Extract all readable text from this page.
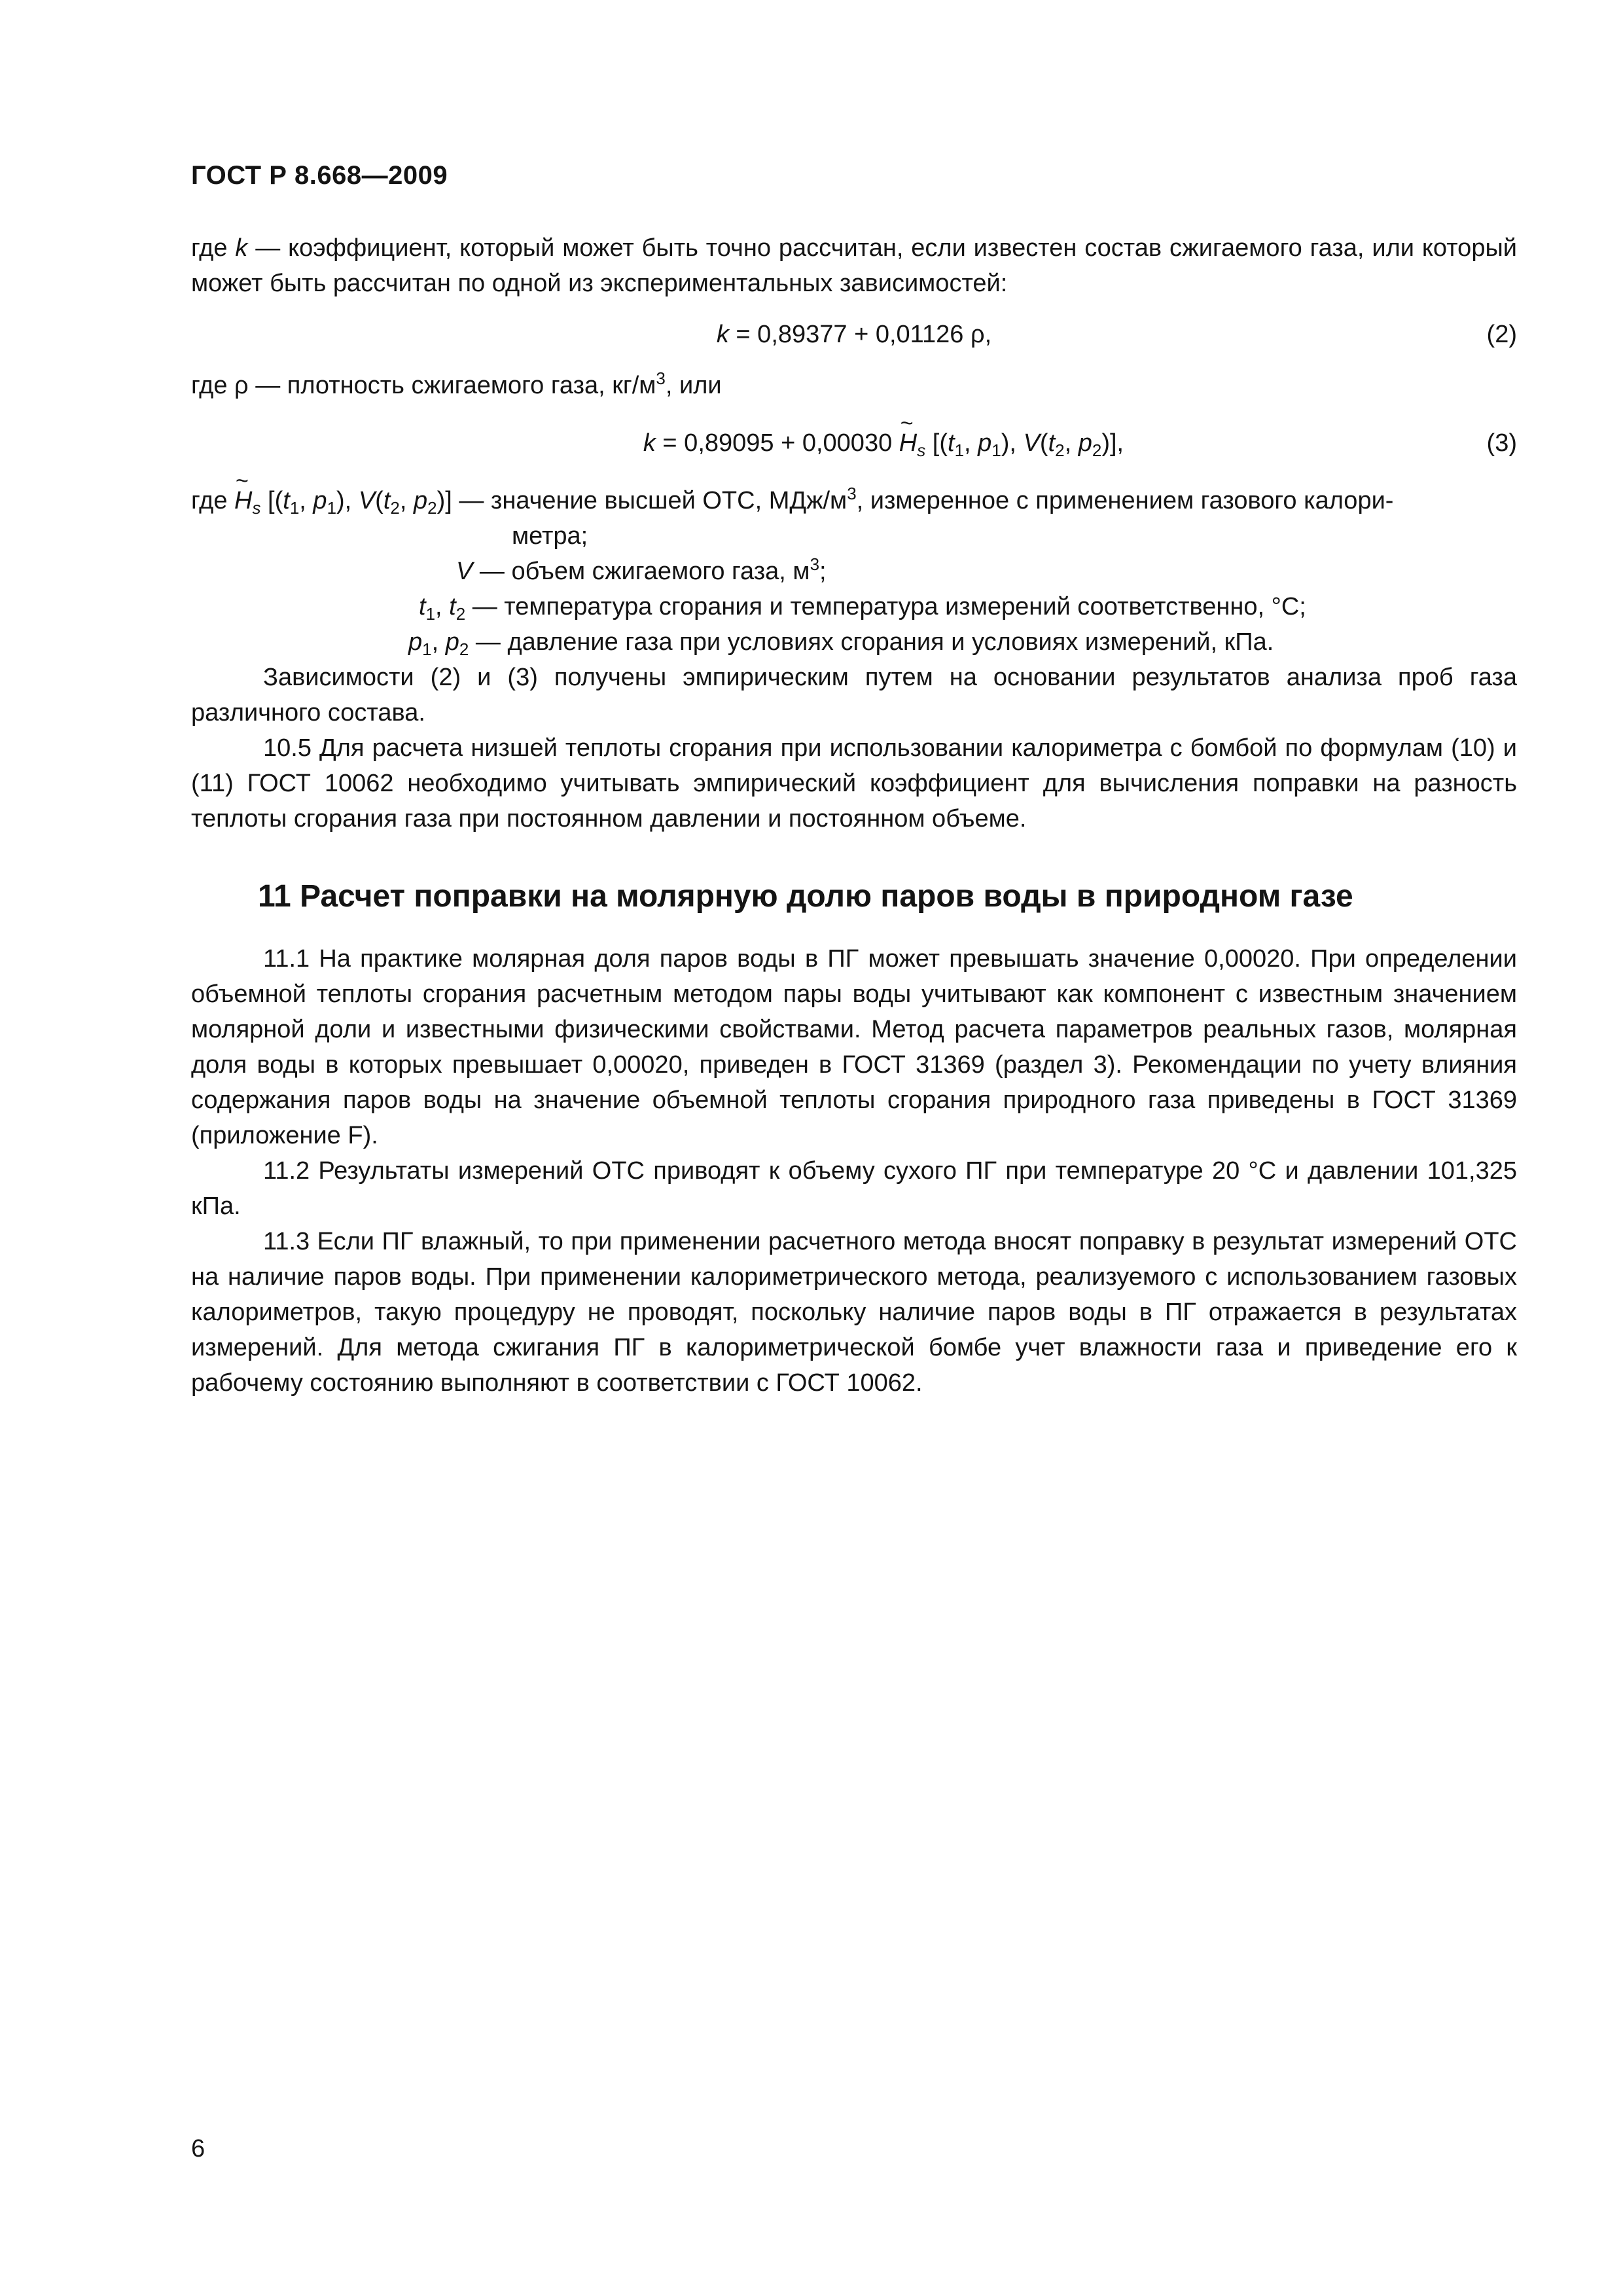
ГОСТ Р 8.668—2009

где k — коэффициент, который может быть точно рассчитан, если известен состав сжигаемого газа, или который может быть рассчитан по одной из экспериментальных зависимостей:

k = 0,89377 + 0,01126 ρ,	(2)

где ρ — плотность сжигаемого газа, $кг/м^3$, или

k = 0,89095 + 0,00030 ~ $H_s$ [($t_1$, $p_1$), $V(t_2$, $p_2$)],	(3)

где ~ $H_s$ [($t_1$, $p_1$), $V(t_2$, $p_2$)] — значение высшей ОТС, МДж/$м^3$, измеренное с применением газового калори-

метра;

V — объем сжигаемого газа, $м^3$;

$t_1$, $t_2$ — температура сгорания и температура измерений соответственно, °С;

$p_1$, $p_2$ — давление газа при условиях сгорания и условиях измерений, кПа.

Зависимости (2) и (3) получены эмпирическим путем на основании результатов анализа проб газа различного состава.

10.5 Для расчета низшей теплоты сгорания при использовании калориметра с бомбой по формулам (10) и (11) ГОСТ 10062 необходимо учитывать эмпирический коэффициент для вычисления поправки на разность теплоты сгорания газа при постоянном давлении и постоянном объеме.

11 Расчет поправки на молярную долю паров воды в природном газе

11.1 На практике молярная доля паров воды в ПГ может превышать значение 0,00020. При определении объемной теплоты сгорания расчетным методом пары воды учитывают как компонент с известным значением молярной доли и известными физическими свойствами. Метод расчета параметров реальных газов, молярная доля воды в которых превышает 0,00020, приведен в ГОСТ 31369 (раздел 3). Рекомендации по учету влияния содержания паров воды на значение объемной теплоты сгорания природного газа приведены в ГОСТ 31369 (приложение F).

11.2 Результаты измерений ОТС приводят к объему сухого ПГ при температуре 20 °С и давлении 101,325 кПа.

11.3 Если ПГ влажный, то при применении расчетного метода вносят поправку в результат измерений ОТС на наличие паров воды. При применении калориметрического метода, реализуемого с использованием газовых калориметров, такую процедуру не проводят, поскольку наличие паров воды в ПГ отражается в результатах измерений. Для метода сжигания ПГ в калориметрической бомбе учет влажности газа и приведение его к рабочему состоянию выполняют в соответствии с ГОСТ 10062.

6
